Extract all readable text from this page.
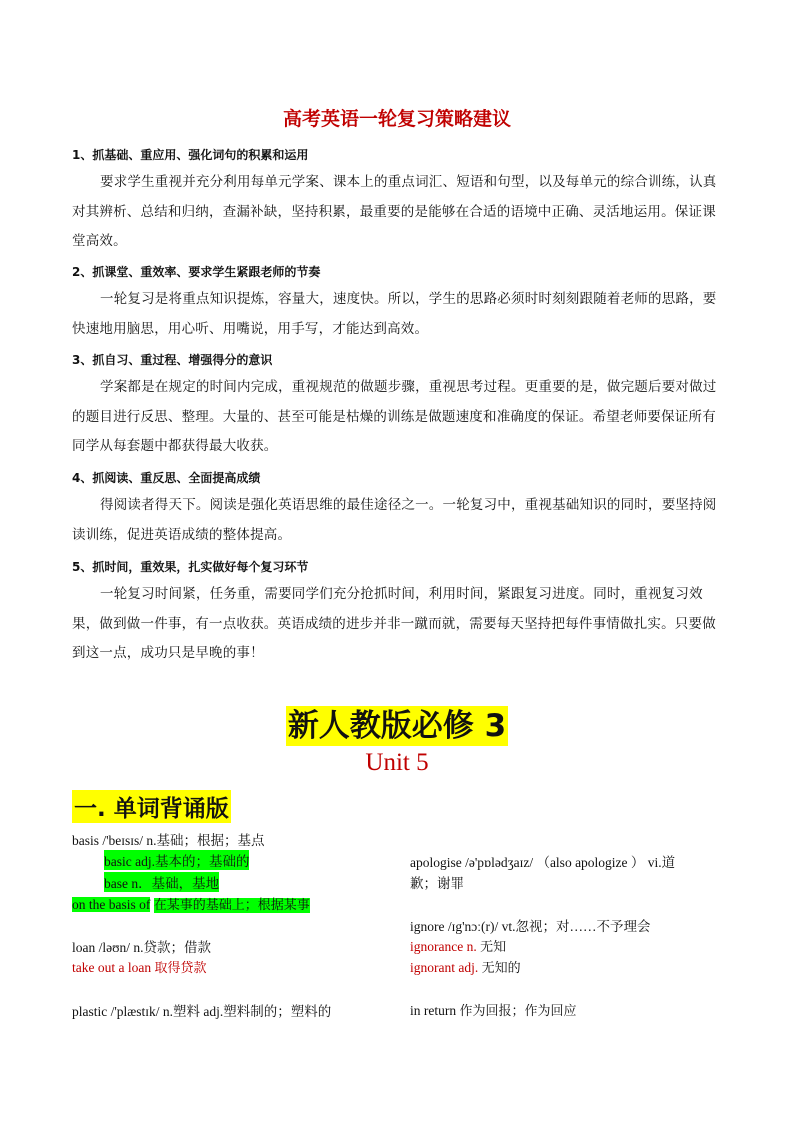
高考英语一轮复习策略建议
1、抓基础、重应用、强化词句的积累和运用
要求学生重视并充分利用每单元学案、课本上的重点词汇、短语和句型，以及每单元的综合训练，认真对其辨析、总结和归纳，查漏补缺，坚持积累，最重要的是能够在合适的语境中正确、灵活地运用。保证课堂高效。
2、抓课堂、重效率、要求学生紧跟老师的节奏
一轮复习是将重点知识提炼，容量大，速度快。所以，学生的思路必须时时刻刻跟随着老师的思路，要快速地用脑思，用心听、用嘴说，用手写，才能达到高效。
3、抓自习、重过程、增强得分的意识
学案都是在规定的时间内完成，重视规范的做题步骤，重视思考过程。更重要的是，做完题后要对做过的题目进行反思、整理。大量的、甚至可能是枯燥的训练是做题速度和准确度的保证。希望老师要保证所有同学从每套题中都获得最大收获。
4、抓阅读、重反思、全面提高成绩
得阅读者得天下。阅读是强化英语思维的最佳途径之一。一轮复习中，重视基础知识的同时，要坚持阅读训练，促进英语成绩的整体提高。
5、抓时间，重效果，扎实做好每个复习环节
一轮复习时间紧，任务重，需要同学们充分抢抓时间，利用时间，紧跟复习进度。同时，重视复习效果，做到做一件事，有一点收获。英语成绩的进步并非一蹴而就，需要每天坚持把每件事情做扎实。只要做到这一点，成功只是早晚的事！
新人教版必修 3
Unit 5
一. 单词背诵版
basis /'beɪsɪs/ n.基础；根据；基点
basic adj.基本的；基础的
base n．基础，基地
on the basis of 在某事的基础上；根据某事
loan /ləʊn/ n.贷款；借款
take out a loan 取得贷款
plastic /'plæstɪk/ n.塑料 adj.塑料制的；塑料的
apologise /ə'pɒlədʒaɪz/ （also apologize ） vi.道
歉；谢罪
ignore /ɪg'nɔː(r)/ vt.忽视；对……不予理会
ignorance n. 无知
ignorant adj. 无知的
in return 作为回报；作为回应
